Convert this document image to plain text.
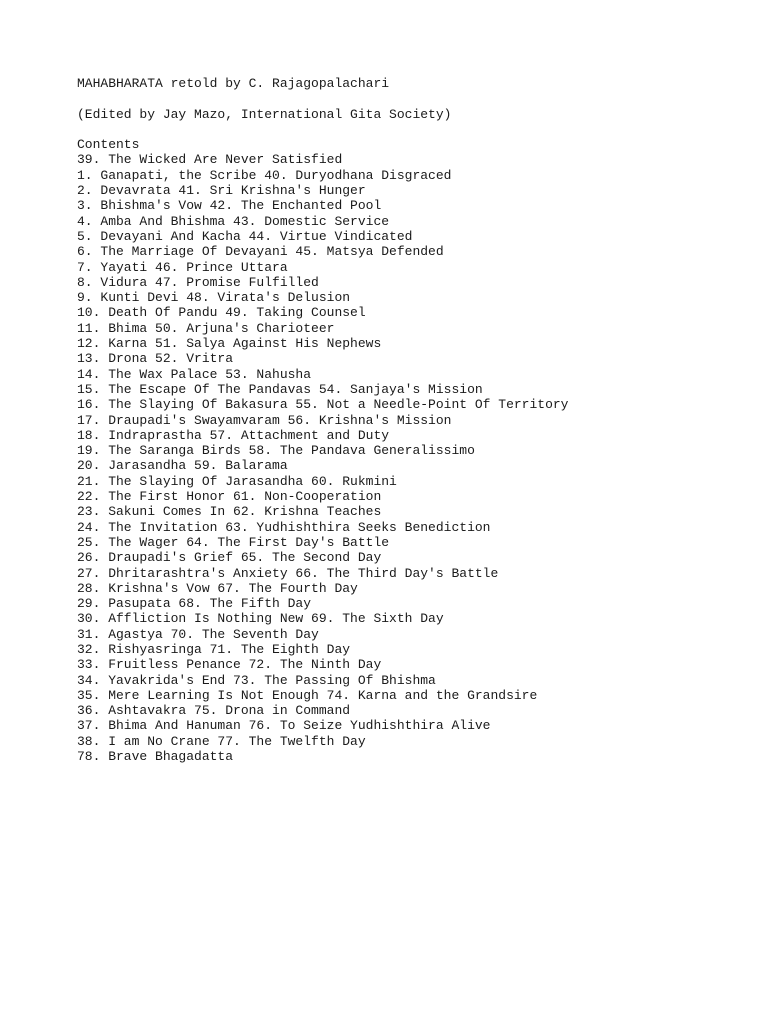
MAHABHARATA retold by C. Rajagopalachari
(Edited by Jay Mazo, International Gita Society)
Contents
39. The Wicked Are Never Satisfied
1. Ganapati, the Scribe 40. Duryodhana Disgraced
2. Devavrata 41. Sri Krishna's Hunger
3. Bhishma's Vow 42. The Enchanted Pool
4. Amba And Bhishma 43. Domestic Service
5. Devayani And Kacha 44. Virtue Vindicated
6. The Marriage Of Devayani 45. Matsya Defended
7. Yayati 46. Prince Uttara
8. Vidura 47. Promise Fulfilled
9. Kunti Devi 48. Virata's Delusion
10. Death Of Pandu 49. Taking Counsel
11. Bhima 50. Arjuna's Charioteer
12. Karna 51. Salya Against His Nephews
13. Drona 52. Vritra
14. The Wax Palace 53. Nahusha
15. The Escape Of The Pandavas 54. Sanjaya's Mission
16. The Slaying Of Bakasura 55. Not a Needle-Point Of Territory
17. Draupadi's Swayamvaram 56. Krishna's Mission
18. Indraprastha 57. Attachment and Duty
19. The Saranga Birds 58. The Pandava Generalissimo
20. Jarasandha 59. Balarama
21. The Slaying Of Jarasandha 60. Rukmini
22. The First Honor 61. Non-Cooperation
23. Sakuni Comes In 62. Krishna Teaches
24. The Invitation 63. Yudhishthira Seeks Benediction
25. The Wager 64. The First Day's Battle
26. Draupadi's Grief 65. The Second Day
27. Dhritarashtra's Anxiety 66. The Third Day's Battle
28. Krishna's Vow 67. The Fourth Day
29. Pasupata 68. The Fifth Day
30. Affliction Is Nothing New 69. The Sixth Day
31. Agastya 70. The Seventh Day
32. Rishyasringa 71. The Eighth Day
33. Fruitless Penance 72. The Ninth Day
34. Yavakrida's End 73. The Passing Of Bhishma
35. Mere Learning Is Not Enough 74. Karna and the Grandsire
36. Ashtavakra 75. Drona in Command
37. Bhima And Hanuman 76. To Seize Yudhishthira Alive
38. I am No Crane 77. The Twelfth Day
78. Brave Bhagadatta
